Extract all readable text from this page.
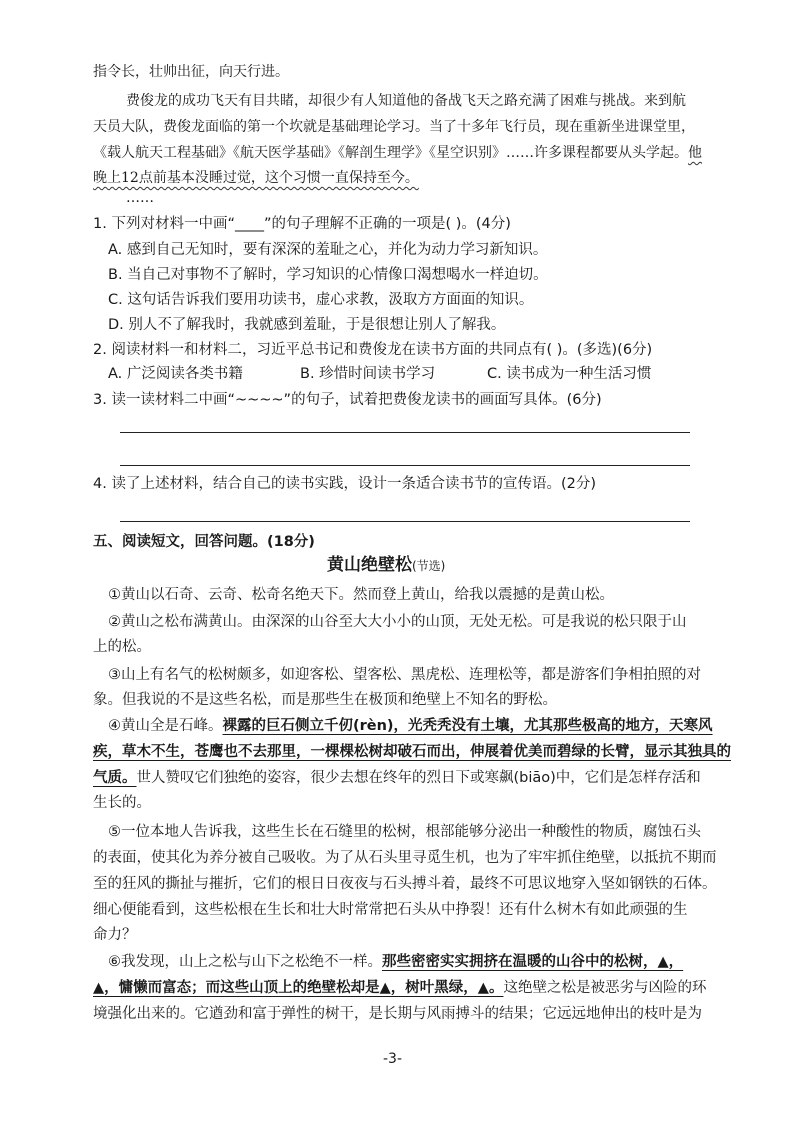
指令长，壮帅出征，向天行进。
费俊龙的成功飞天有目共睹，却很少有人知道他的备战飞天之路充满了困难与挑战。来到航
天员大队，费俊龙面临的第一个坎就是基础理论学习。当了十多年飞行员，现在重新坐进课堂里，
《载人航天工程基础》《航天医学基础》《解剖生理学》《星空识别》……许多课程都要从头学起。他
晚上12点前基本没睡过觉，这个习惯一直保持至今。
……
1. 下列对材料一中画“____”的句子理解不正确的一项是( )。(4分)
A. 感到自己无知时，要有深深的羞耻之心，并化为动力学习新知识。
B. 当自己对事物不了解时，学习知识的心情像口渴想喝水一样迫切。
C. 这句话告诉我们要用功读书，虚心求教，汲取方方面面的知识。
D. 别人不了解我时，我就感到羞耻，于是很想让别人了解我。
2. 阅读材料一和材料二，习近平总书记和费俊龙在读书方面的共同点有( )。(多选)(6分)
A. 广泛阅读各类书籍	B. 珍惜时间读书学习	C. 读书成为一种生活习惯
3. 读一读材料二中画“~~~~”的句子，试着把费俊龙读书的画面写具体。(6分)
4. 读了上述材料，结合自己的读书实践，设计一条适合读书节的宣传语。(2分)
五、阅读短文，回答问题。(18分)
黄山绝壁松(节选)
①黄山以石奇、云奇、松奇名绝天下。然而登上黄山，给我以震撼的是黄山松。
②黄山之松布满黄山。由深深的山谷至大大小小的山顶，无处无松。可是我说的松只限于山
上的松。
③山上有名气的松树颇多，如迎客松、望客松、黑虎松、连理松等，都是游客们争相拍照的对
象。但我说的不是这些名松，而是那些生在极顶和绝壁上不知名的野松。
④黄山全是石峰。裸露的巨石侧立千仞(rèn)，光秃秃没有土壤，尤其那些极高的地方，天寒风
疾，草木不生，苍鹰也不去那里，一棵棵松树却破石而出，伸展着优美而碧绿的长臂，显示其独具的
气质。世人赞叹它们独绝的姿容，很少去想在终年的烈日下或寒飙(biāo)中，它们是怎样存活和
生长的。
⑤一位本地人告诉我，这些生长在石缝里的松树，根部能够分泌出一种酸性的物质，腐蚀石头
的表面，使其化为养分被自己吸收。为了从石头里寻觅生机，也为了牢牢抓住绝壁，以抵抗不期而
至的狂风的撕扯与摧折，它们的根日日夜夜与石头搏斗着，最终不可思议地穿入坚如钢铁的石体。
细心便能看到，这些松根在生长和壮大时常常把石头从中挣裂！还有什么树木有如此顽强的生
命力？
⑥我发现，山上之松与山下之松绝不一样。那些密密实实拥挤在温暖的山谷中的松树，▲，
▲，慵懒而富态；而这些山顶上的绝壁松却是▲，树叶黑绿，▲。这绝壁之松是被恶劣与凶险的环
境强化出来的。它遒劲和富于弹性的树干，是长期与风雨搏斗的结果；它远远地伸出的枝叶是为
-3-
